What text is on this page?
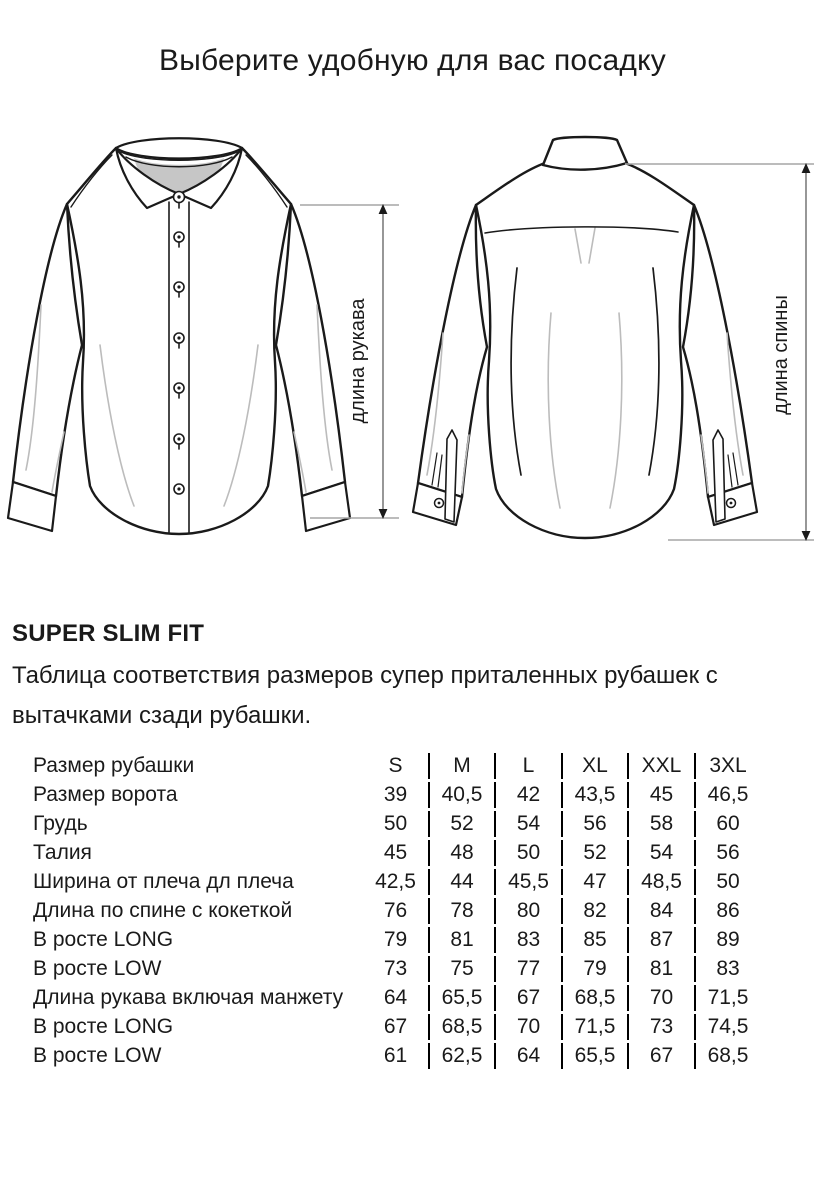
Выберите удобную для вас посадку
длина рукава	длина спины
SUPER SLIM FIT
Таблица соответствия размеров супер приталенных рубашек с вытачками сзади рубашки.
Размер рубашки	S	M	L	XL	XXL	3XL
Размер ворота	39	40,5	42	43,5	45	46,5
Грудь	50	52	54	56	58	60
Талия	45	48	50	52	54	56
Ширина от плеча дл плеча	42,5	44	45,5	47	48,5	50
Длина по спине с кокеткой	76	78	80	82	84	86
В росте LONG	79	81	83	85	87	89
В росте LOW	73	75	77	79	81	83
Длина рукава включая манжету	64	65,5	67	68,5	70	71,5
В росте LONG	67	68,5	70	71,5	73	74,5
В росте LOW	61	62,5	64	65,5	67	68,5
